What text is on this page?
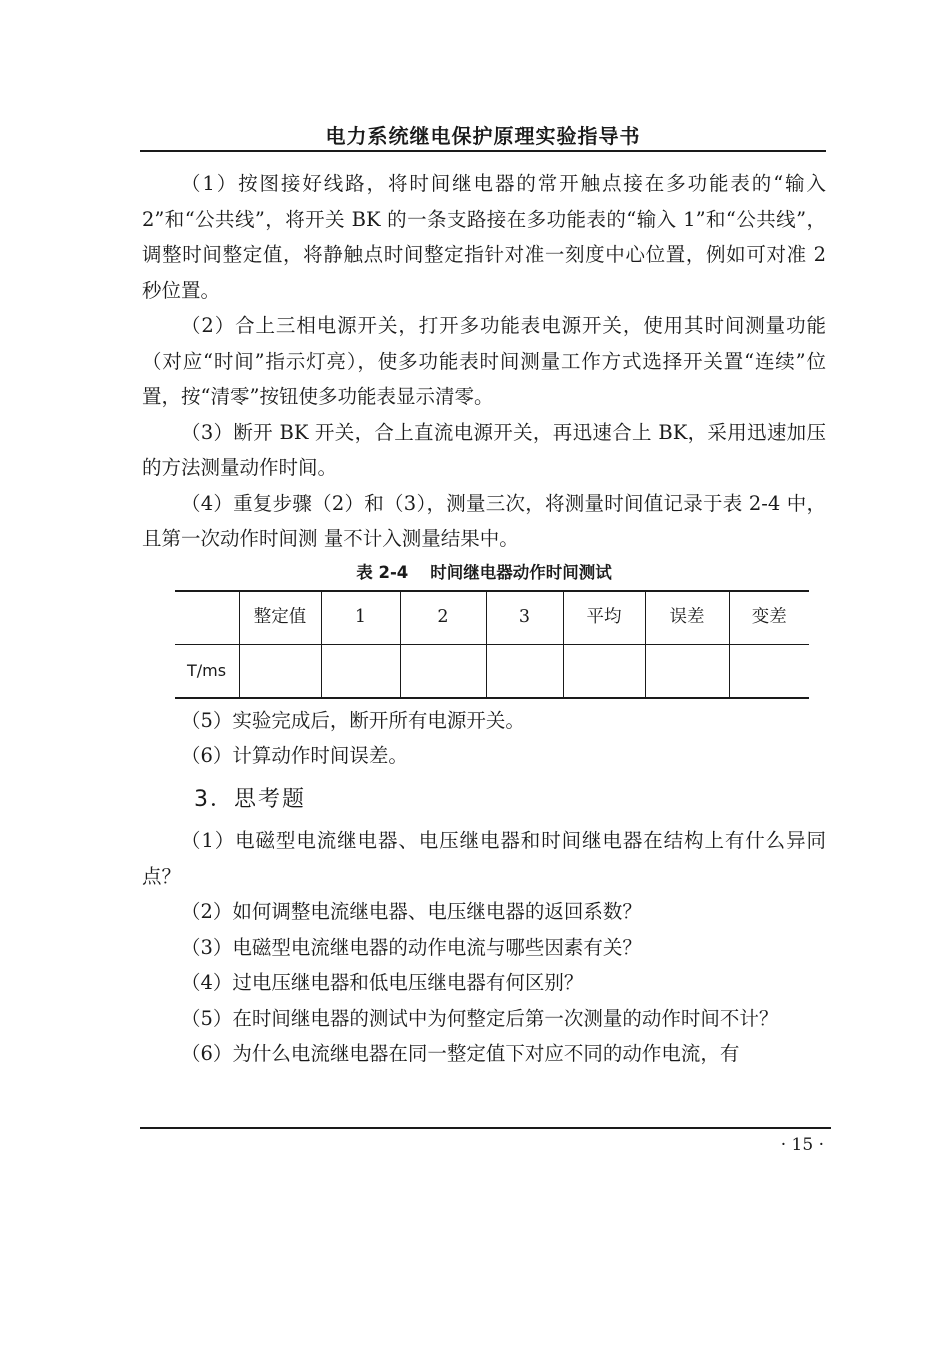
电力系统继电保护原理实验指导书

（1）按图接好线路，将时间继电器的常开触点接在多功能表的“输入 2”和“公共线”，将开关 BK 的一条支路接在多功能表的“输入 1”和“公共线”，调整时间整定值，将静触点时间整定指针对准一刻度中心位置，例如可对准 2 秒位置。

（2）合上三相电源开关，打开多功能表电源开关，使用其时间测量功能（对应“时间”指示灯亮），使多功能表时间测量工作方式选择开关置“连续”位置，按“清零”按钮使多功能表显示清零。

（3）断开 BK 开关，合上直流电源开关，再迅速合上 BK，采用迅速加压的方法测量动作时间。

（4）重复步骤（2）和（3），测量三次，将测量时间值记录于表 2-4 中，且第一次动作时间测 量不计入测量结果中。

表 2-4 时间继电器动作时间测试
	整定值	1	2	3	平均	误差	变差
T/ms							

（5）实验完成后，断开所有电源开关。

（6）计算动作时间误差。

3．思考题

（1）电磁型电流继电器、电压继电器和时间继电器在结构上有什么异同点？

（2）如何调整电流继电器、电压继电器的返回系数？

（3）电磁型电流继电器的动作电流与哪些因素有关？

（4）过电压继电器和低电压继电器有何区别？

（5）在时间继电器的测试中为何整定后第一次测量的动作时间不计？

（6）为什么电流继电器在同一整定值下对应不同的动作电流，有

· 15 ·
